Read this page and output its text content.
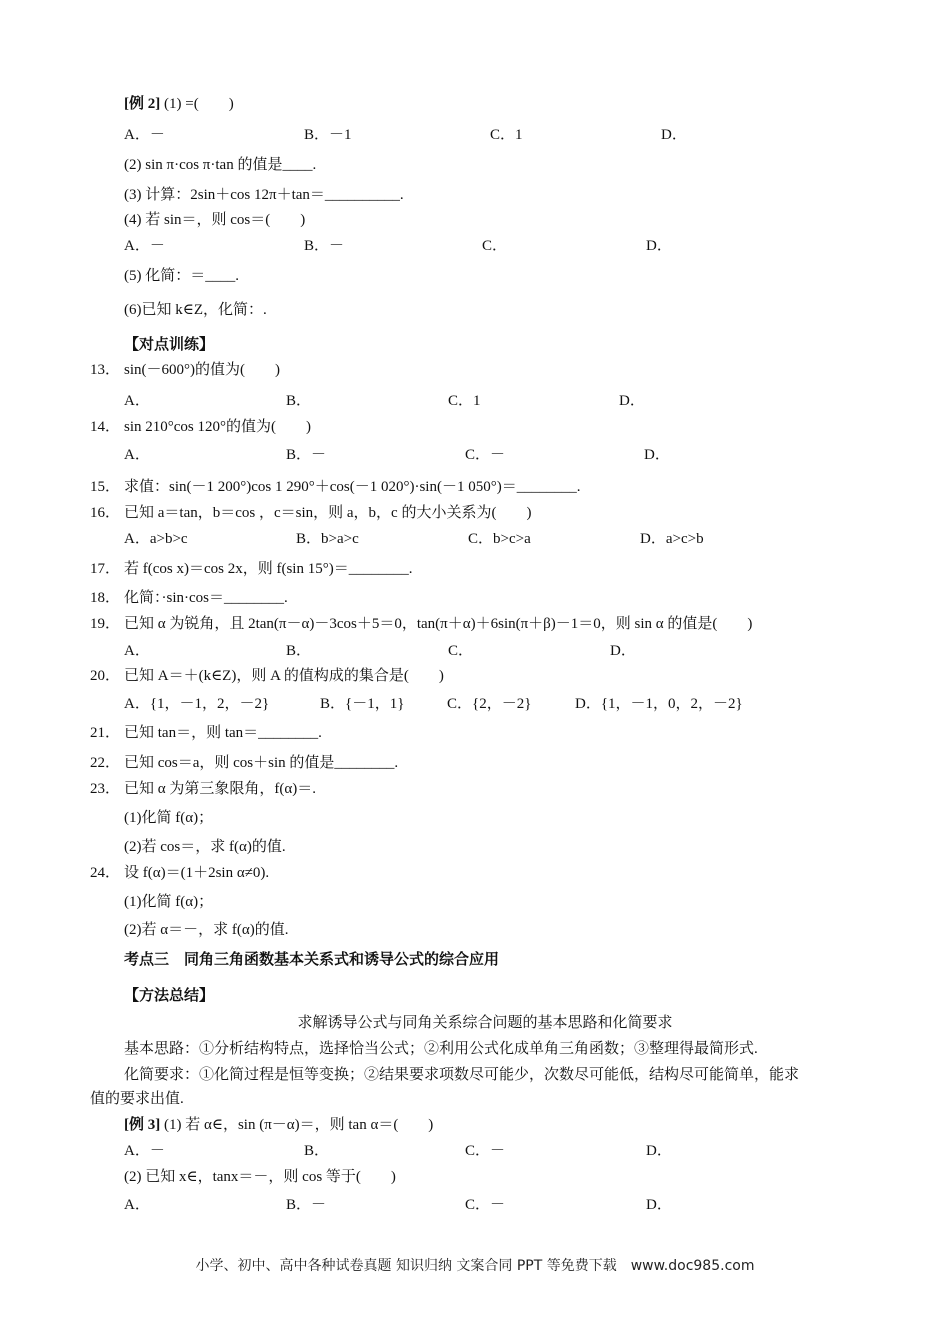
[例 2] (1) =(　　)
A．－	B．－1	C．1	D．
(2) sin π·cos π·tan 的值是____.
(3) 计算：2sin＋cos 12π＋tan＝__________.
(4) 若 sin＝，则 cos＝(　　)
A．－	B．－	C．	D．
(5) 化简：＝____.
(6)已知 k∈Z，化简：.
【对点训练】
13． sin(－600°)的值为(　　)
A．	B．	C．1	D．
14． sin 210°cos 120°的值为(　　)
A．	B．－	C．－	D．
15． 求值：sin(－1 200°)cos 1 290°＋cos(－1 020°)·sin(－1 050°)＝________.
16． 已知 a＝tan，b＝cos ，c＝sin，则 a，b，c 的大小关系为(　　)
A．a>b>c	B．b>a>c	C．b>c>a	D．a>c>b
17． 若 f(cos x)＝cos 2x，则 f(sin 15°)＝________.
18． 化简：·sin·cos＝________.
19． 已知 α 为锐角，且 2tan(π－α)－3cos＋5＝0，tan(π＋α)＋6sin(π＋β)－1＝0，则 sin α 的值是(　　)
A．	B．	C．	D．
20． 已知 A＝＋(k∈Z)，则 A 的值构成的集合是(　　)
A．{1，－1，2，－2}	B．{－1，1}	C．{2，－2}	D．{1，－1，0，2，－2}
21． 已知 tan＝，则 tan＝________.
22． 已知 cos＝a，则 cos＋sin 的值是________.
23． 已知 α 为第三象限角，f(α)＝.
(1)化简 f(α)；
(2)若 cos＝，求 f(α)的值.
24． 设 f(α)＝(1＋2sin α≠0).
(1)化简 f(α)；
(2)若 α＝－，求 f(α)的值.
考点三　同角三角函数基本关系式和诱导公式的综合应用
【方法总结】
求解诱导公式与同角关系综合问题的基本思路和化简要求
基本思路：①分析结构特点，选择恰当公式；②利用公式化成单角三角函数；③整理得最简形式.
化简要求：①化简过程是恒等变换；②结果要求项数尽可能少，次数尽可能低，结构尽可能简单，能求
值的要求出值.
[例 3] (1) 若 α∈，sin (π－α)＝，则 tan α＝(　　)
A．－	B．	C．－	D．
(2) 已知 x∈，tanx＝－，则 cos 等于(　　)
A．	B．－	C．－	D．
小学、初中、高中各种试卷真题 知识归纳 文案合同 PPT 等免费下载　www.doc985.com
